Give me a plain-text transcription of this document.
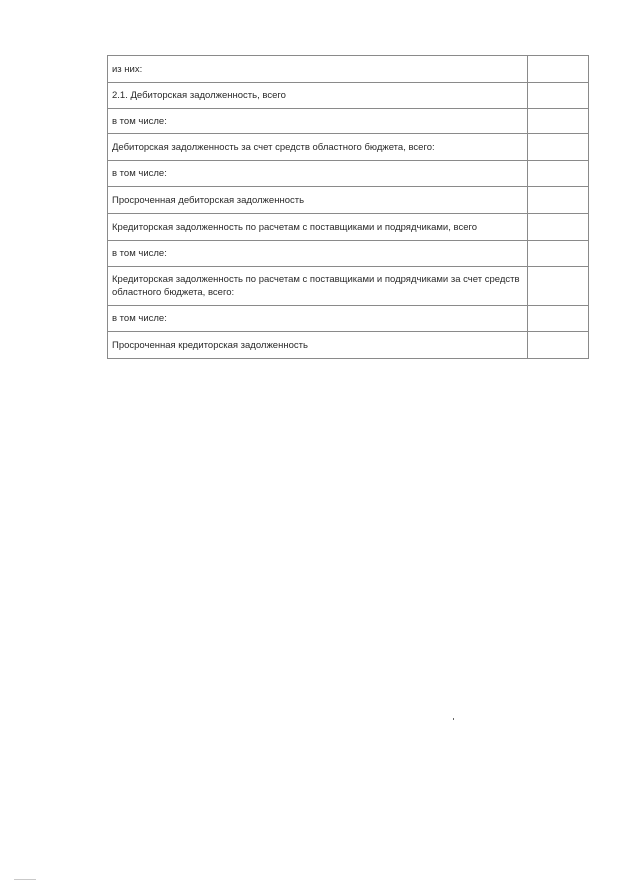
из них:	
2.1. Дебиторская задолженность, всего	
в том числе:	
Дебиторская задолженность за счет средств областного бюджета, всего:	
в том числе:	
Просроченная дебиторская задолженность	
Кредиторская задолженность по расчетам с поставщиками и подрядчиками, всего	
в том числе:	
Кредиторская задолженность по расчетам с поставщиками и подрядчиками за счет средств областного бюджета, всего:	
в том числе:	
Просроченная кредиторская задолженность	
